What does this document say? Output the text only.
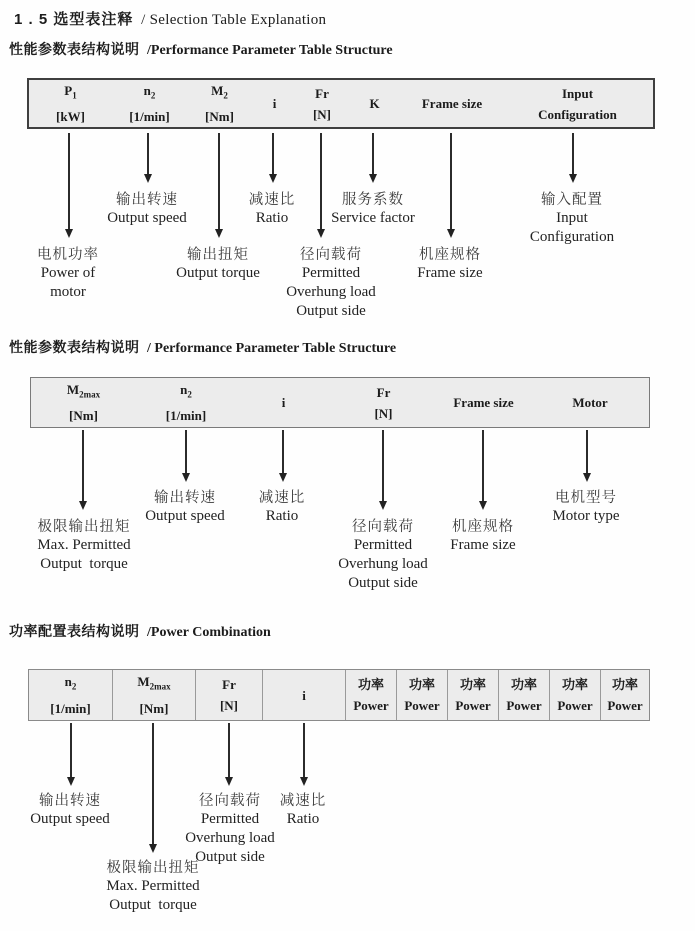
1 . 5 选型表注释 / Selection Table Explanation
性能参数表结构说明 /Performance Parameter Table Structure
$P_1$
[kW]
$n_2$
[1/min]
$M_2$
[Nm]
i
Fr
[N]
K	Frame size
Input
Configuration
电机功率
Power of
motor
输出转速
Output speed
输出扭矩
Output torque
减速比
Ratio
径向载荷
Permitted
Overhung load
Output side
服务系数
Service factor
机座规格
Frame size
输入配置
Input
Configuration
性能参数表结构说明 / Performance Parameter Table Structure
$M_{2max}$
[Nm]
$n_2$
[1/min]
i
Fr
[N]
Frame size	Motor
极限输出扭矩
Max. Permitted
Output  torque
输出转速
Output speed
减速比
Ratio
径向载荷
Permitted
Overhung load
Output side
机座规格
Frame size
电机型号
Motor type
功率配置表结构说明 /Power Combination
$n_2$
[1/min]
$M_{2max}$
[Nm]
Fr
[N]
i
功率
Power
功率
Power
功率
Power
功率
Power
功率
Power
功率
Power
输出转速
Output speed
极限输出扭矩
Max. Permitted
Output  torque
径向载荷
Permitted
Overhung load
Output side
减速比
Ratio
